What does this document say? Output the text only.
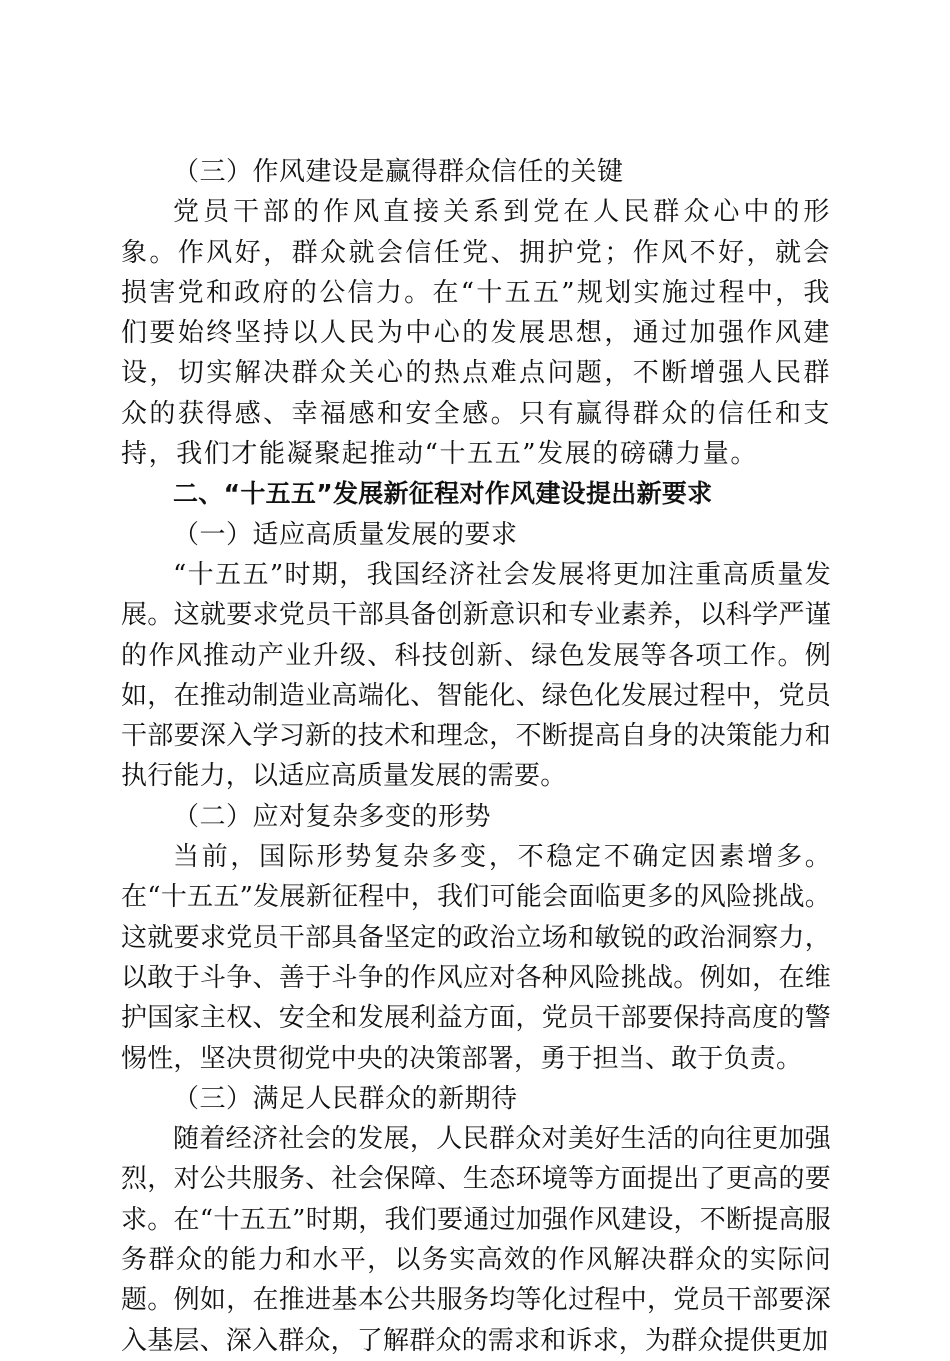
（三）作风建设是赢得群众信任的关键

党员干部的作风直接关系到党在人民群众心中的形象。作风好，群众就会信任党、拥护党；作风不好，就会损害党和政府的公信力。在“十五五”规划实施过程中，我们要始终坚持以人民为中心的发展思想，通过加强作风建设，切实解决群众关心的热点难点问题，不断增强人民群众的获得感、幸福感和安全感。只有赢得群众的信任和支持，我们才能凝聚起推动“十五五”发展的磅礴力量。

二、“十五五”发展新征程对作风建设提出新要求

（一）适应高质量发展的要求

“十五五”时期，我国经济社会发展将更加注重高质量发展。这就要求党员干部具备创新意识和专业素养，以科学严谨的作风推动产业升级、科技创新、绿色发展等各项工作。例如，在推动制造业高端化、智能化、绿色化发展过程中，党员干部要深入学习新的技术和理念，不断提高自身的决策能力和执行能力，以适应高质量发展的需要。

（二）应对复杂多变的形势

当前，国际形势复杂多变，不稳定不确定因素增多。在“十五五”发展新征程中，我们可能会面临更多的风险挑战。这就要求党员干部具备坚定的政治立场和敏锐的政治洞察力，以敢于斗争、善于斗争的作风应对各种风险挑战。例如，在维护国家主权、安全和发展利益方面，党员干部要保持高度的警惕性，坚决贯彻党中央的决策部署，勇于担当、敢于负责。

（三）满足人民群众的新期待

随着经济社会的发展，人民群众对美好生活的向往更加强烈，对公共服务、社会保障、生态环境等方面提出了更高的要求。在“十五五”时期，我们要通过加强作风建设，不断提高服务群众的能力和水平，以务实高效的作风解决群众的实际问题。例如，在推进基本公共服务均等化过程中，党员干部要深入基层、深入群众，了解群众的需求和诉求，为群众提供更加
